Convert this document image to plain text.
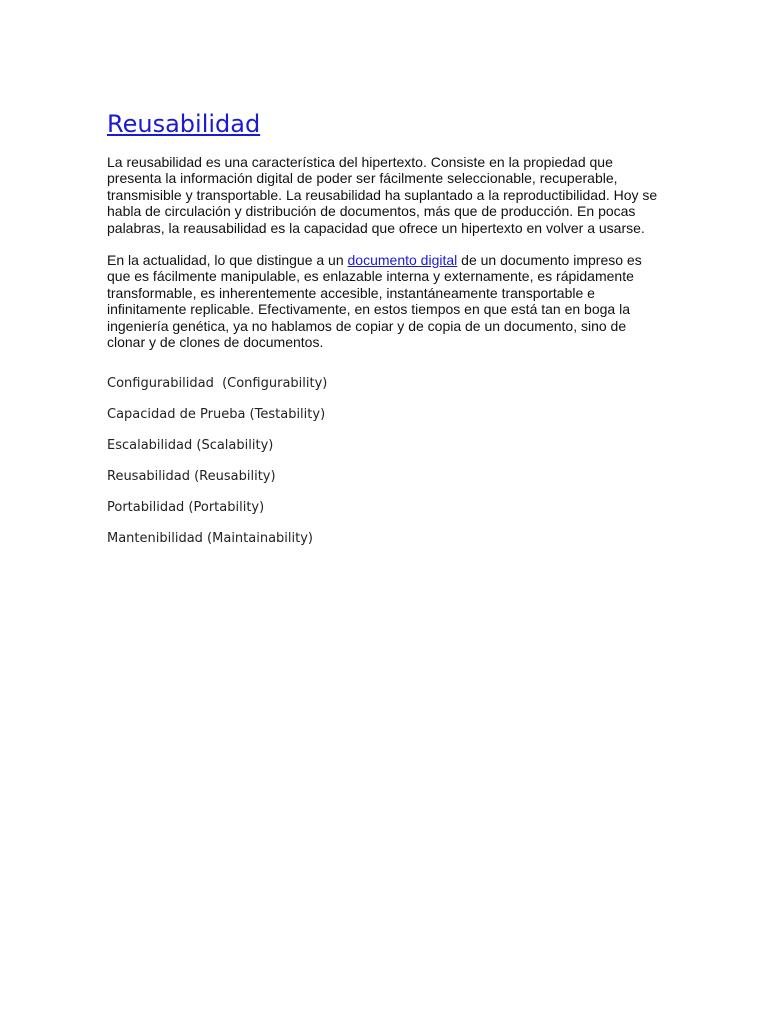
Reusabilidad

La reusabilidad es una característica del hipertexto. Consiste en la propiedad que presenta la información digital de poder ser fácilmente seleccionable, recuperable, transmisible y transportable. La reusabilidad ha suplantado a la reproductibilidad. Hoy se habla de circulación y distribución de documentos, más que de producción. En pocas palabras, la reausabilidad es la capacidad que ofrece un hipertexto en volver a usarse.

En la actualidad, lo que distingue a un documento digital de un documento impreso es que es fácilmente manipulable, es enlazable interna y externamente, es rápidamente transformable, es inherentemente accesible, instantáneamente transportable e infinitamente replicable. Efectivamente, en estos tiempos en que está tan en boga la ingeniería genética, ya no hablamos de copiar y de copia de un documento, sino de clonar y de clones de documentos.

Configurabilidad  (Configurability)
Capacidad de Prueba (Testability)
Escalabilidad (Scalability)
Reusabilidad (Reusability)
Portabilidad (Portability)
Mantenibilidad (Maintainability)
